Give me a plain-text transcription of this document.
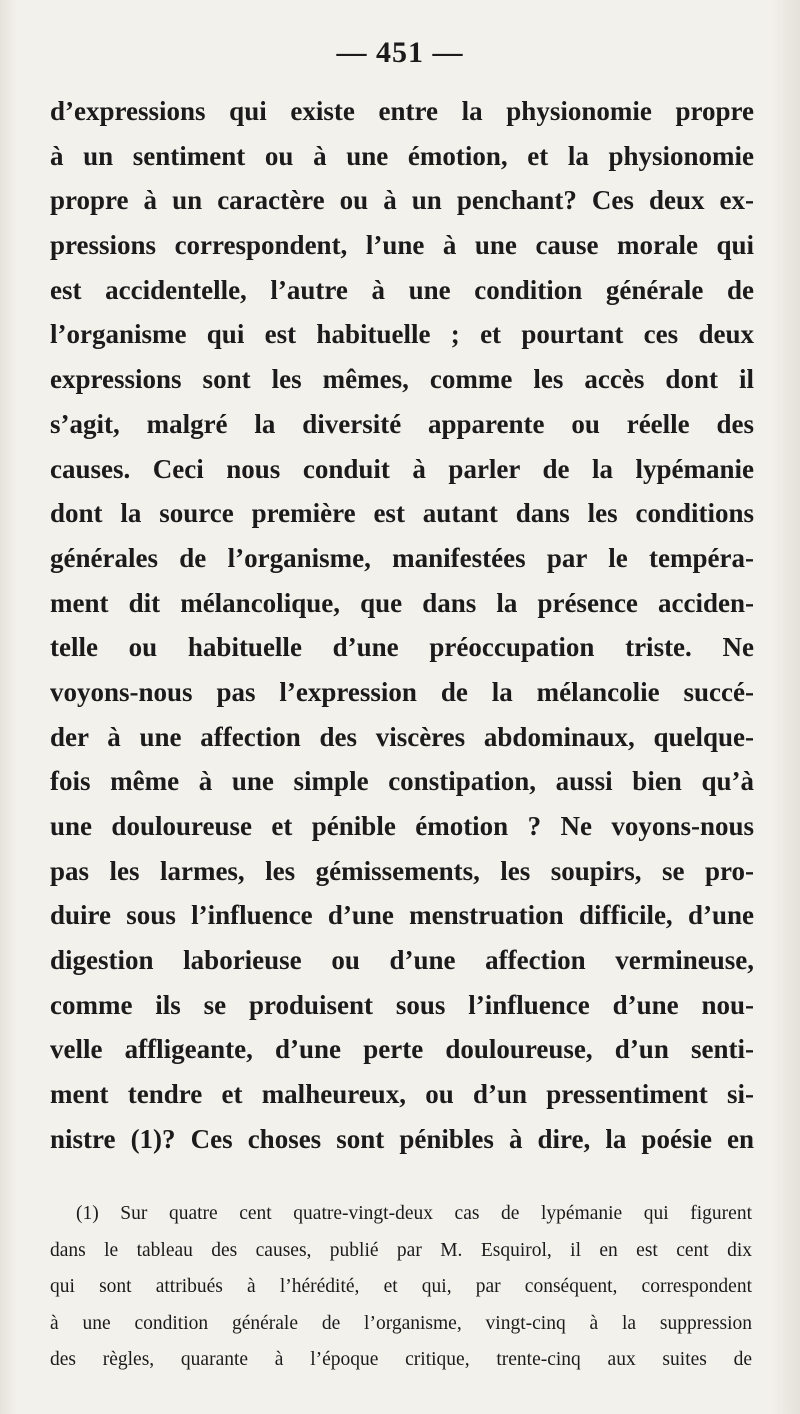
— 451 —
d’expressions qui existe entre la physionomie propre
à un sentiment ou à une émotion, et la physionomie
propre à un caractère ou à un penchant? Ces deux ex-
pressions correspondent, l’une à une cause morale qui
est accidentelle, l’autre à une condition générale de
l’organisme qui est habituelle ; et pourtant ces deux
expressions sont les mêmes, comme les accès dont il
s’agit, malgré la diversité apparente ou réelle des
causes. Ceci nous conduit à parler de la lypémanie
dont la source première est autant dans les conditions
générales de l’organisme, manifestées par le tempéra-
ment dit mélancolique, que dans la présence acciden-
telle ou habituelle d’une préoccupation triste. Ne
voyons-nous pas l’expression de la mélancolie succé-
der à une affection des viscères abdominaux, quelque-
fois même à une simple constipation, aussi bien qu’à
une douloureuse et pénible émotion ? Ne voyons-nous
pas les larmes, les gémissements, les soupirs, se pro-
duire sous l’influence d’une menstruation difficile, d’une
digestion laborieuse ou d’une affection vermineuse,
comme ils se produisent sous l’influence d’une nou-
velle affligeante, d’une perte douloureuse, d’un senti-
ment tendre et malheureux, ou d’un pressentiment si-
nistre (1)? Ces choses sont pénibles à dire, la poésie en
(1) Sur quatre cent quatre-vingt-deux cas de lypémanie qui figurent
dans le tableau des causes, publié par M. Esquirol, il en est cent dix
qui sont attribués à l’hérédité, et qui, par conséquent, correspondent
à une condition générale de l’organisme, vingt-cinq à la suppression
des règles, quarante à l’époque critique, trente-cinq aux suites de
